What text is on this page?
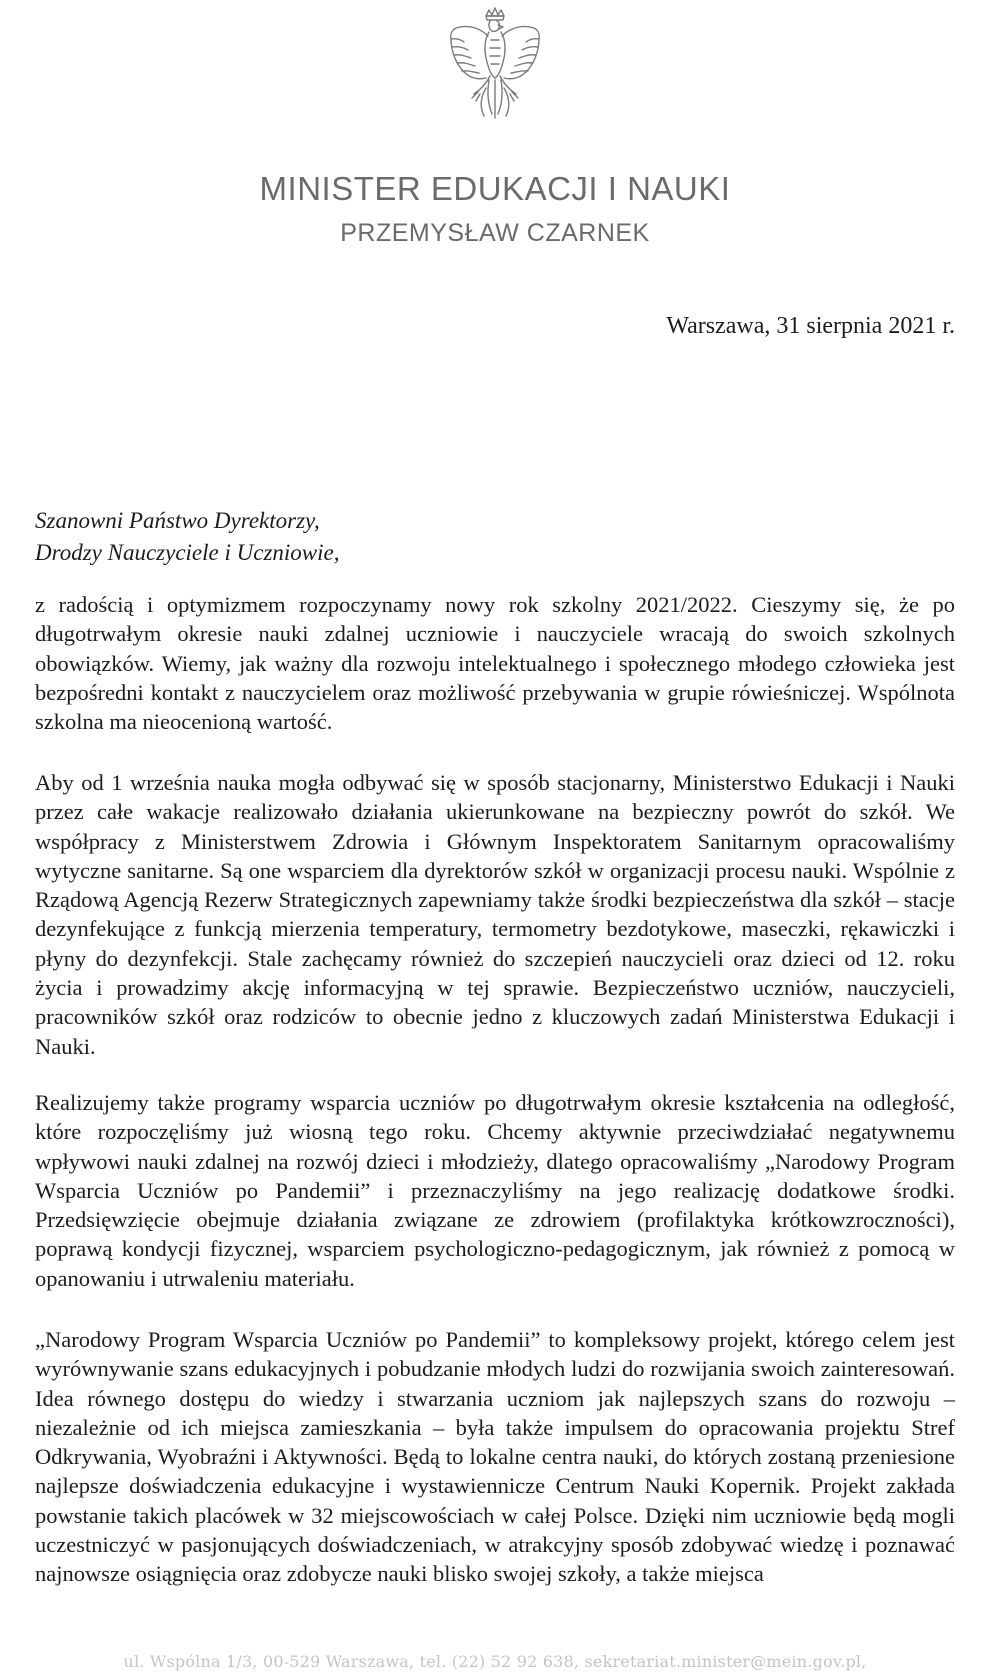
MINISTER EDUKACJI I NAUKI
PRZEMYSŁAW CZARNEK
Warszawa, 31 sierpnia 2021 r.
Szanowni Państwo Dyrektorzy,
Drodzy Nauczyciele i Uczniowie,
z radością i optymizmem rozpoczynamy nowy rok szkolny 2021/2022. Cieszymy się, że po długotrwałym okresie nauki zdalnej uczniowie i nauczyciele wracają do swoich szkolnych obowiązków. Wiemy, jak ważny dla rozwoju intelektualnego i społecznego młodego człowieka jest bezpośredni kontakt z nauczycielem oraz możliwość przebywania w grupie rówieśniczej. Wspólnota szkolna ma nieocenioną wartość.
Aby od 1 września nauka mogła odbywać się w sposób stacjonarny, Ministerstwo Edukacji i Nauki przez całe wakacje realizowało działania ukierunkowane na bezpieczny powrót do szkół. We współpracy z Ministerstwem Zdrowia i Głównym Inspektoratem Sanitarnym opracowaliśmy wytyczne sanitarne. Są one wsparciem dla dyrektorów szkół w organizacji procesu nauki. Wspólnie z Rządową Agencją Rezerw Strategicznych zapewniamy także środki bezpieczeństwa dla szkół – stacje dezynfekujące z funkcją mierzenia temperatury, termometry bezdotykowe, maseczki, rękawiczki i płyny do dezynfekcji. Stale zachęcamy również do szczepień nauczycieli oraz dzieci od 12. roku życia i prowadzimy akcję informacyjną w tej sprawie. Bezpieczeństwo uczniów, nauczycieli, pracowników szkół oraz rodziców to obecnie jedno z kluczowych zadań Ministerstwa Edukacji i Nauki.
Realizujemy także programy wsparcia uczniów po długotrwałym okresie kształcenia na odległość, które rozpoczęliśmy już wiosną tego roku. Chcemy aktywnie przeciwdziałać negatywnemu wpływowi nauki zdalnej na rozwój dzieci i młodzieży, dlatego opracowaliśmy „Narodowy Program Wsparcia Uczniów po Pandemii” i przeznaczyliśmy na jego realizację dodatkowe środki. Przedsięwzięcie obejmuje działania związane ze zdrowiem (profilaktyka krótkowzroczności), poprawą kondycji fizycznej, wsparciem psychologiczno-pedagogicznym, jak również z pomocą w opanowaniu i utrwaleniu materiału.
„Narodowy Program Wsparcia Uczniów po Pandemii” to kompleksowy projekt, którego celem jest wyrównywanie szans edukacyjnych i pobudzanie młodych ludzi do rozwijania swoich zainteresowań. Idea równego dostępu do wiedzy i stwarzania uczniom jak najlepszych szans do rozwoju – niezależnie od ich miejsca zamieszkania – była także impulsem do opracowania projektu Stref Odkrywania, Wyobraźni i Aktywności. Będą to lokalne centra nauki, do których zostaną przeniesione najlepsze doświadczenia edukacyjne i wystawiennicze Centrum Nauki Kopernik. Projekt zakłada powstanie takich placówek w 32 miejscowościach w całej Polsce. Dzięki nim uczniowie będą mogli uczestniczyć w pasjonujących doświadczeniach, w atrakcyjny sposób zdobywać wiedzę i poznawać najnowsze osiągnięcia oraz zdobycze nauki blisko swojej szkoły, a także miejsca
ul. Wspólna 1/3, 00-529 Warszawa, tel. (22) 52 92 638, sekretariat.minister@mein.gov.pl,
